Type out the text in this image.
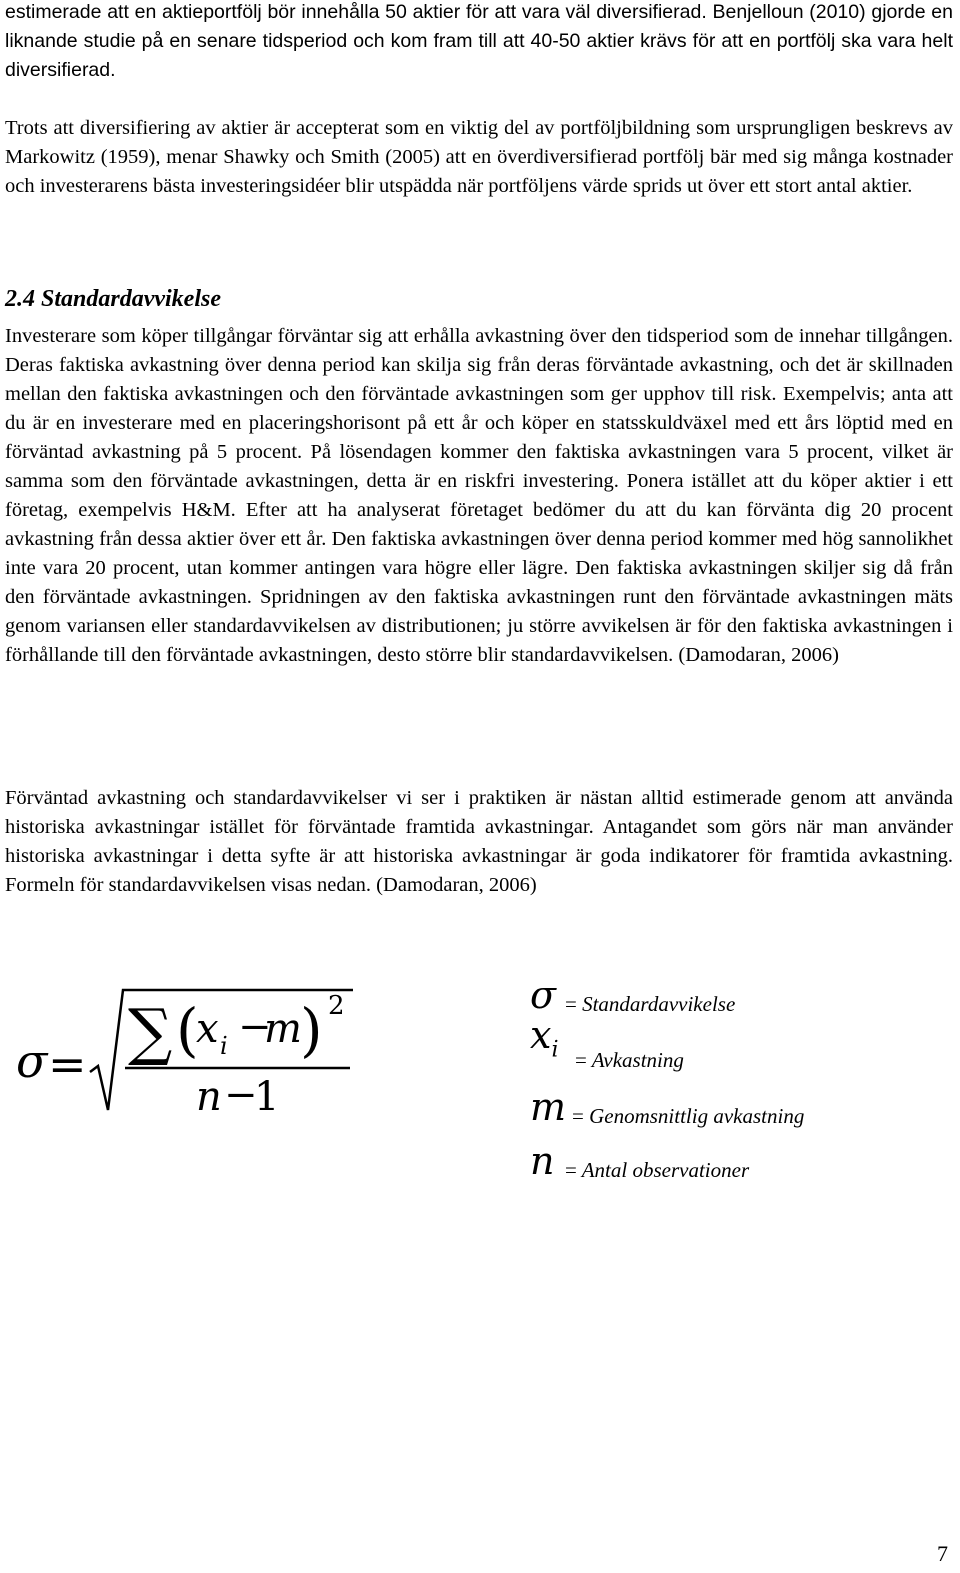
estimerade att en aktieportfölj bör innehålla 50 aktier för att vara väl diversifierad. Benjelloun (2010) gjorde en liknande studie på en senare tidsperiod och kom fram till att 40-50 aktier krävs för att en portfölj ska vara helt diversifierad.

Trots att diversifiering av aktier är accepterat som en viktig del av portföljbildning som ursprungligen beskrevs av Markowitz (1959), menar Shawky och Smith (2005) att en överdiversifierad portfölj bär med sig många kostnader och investerarens bästa investeringsidéer blir utspädda när portföljens värde sprids ut över ett stort antal aktier.

2.4 Standardavvikelse

Investerare som köper tillgångar förväntar sig att erhålla avkastning över den tidsperiod som de innehar tillgången. Deras faktiska avkastning över denna period kan skilja sig från deras förväntade avkastning, och det är skillnaden mellan den faktiska avkastningen och den förväntade avkastningen som ger upphov till risk. Exempelvis; anta att du är en investerare med en placeringshorisont på ett år och köper en statsskuldväxel med ett års löptid med en förväntad avkastning på 5 procent. På lösendagen kommer den faktiska avkastningen vara 5 procent, vilket är samma som den förväntade avkastningen, detta är en riskfri investering. Ponera istället att du köper aktier i ett företag, exempelvis H&M. Efter att ha analyserat företaget bedömer du att du kan förvänta dig 20 procent avkastning från dessa aktier över ett år. Den faktiska avkastningen över denna period kommer med hög sannolikhet inte vara 20 procent, utan kommer antingen vara högre eller lägre. Den faktiska avkastningen skiljer sig då från den förväntade avkastningen. Spridningen av den faktiska avkastningen runt den förväntade avkastningen mäts genom variansen eller standardavvikelsen av distributionen; ju större avvikelsen är för den faktiska avkastningen i förhållande till den förväntade avkastningen, desto större blir standardavvikelsen. (Damodaran, 2006)

Förväntad avkastning och standardavvikelser vi ser i praktiken är nästan alltid estimerade genom att använda historiska avkastningar istället för förväntade framtida avkastningar. Antagandet som görs när man använder historiska avkastningar i detta syfte är att historiska avkastningar är goda indikatorer för framtida avkastning. Formeln för standardavvikelsen visas nedan. (Damodaran, 2006)

σ = ∑ (
x i −
m
) 2
n −
1
σ = Standardavvikelse
$x_i$ = Avkastning
m = Genomsnittlig avkastning
n = Antal observationer
7
